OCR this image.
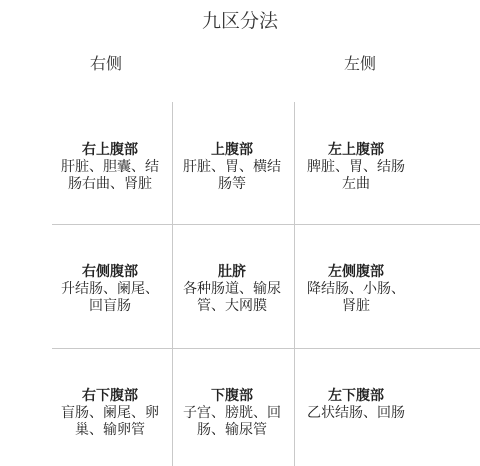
九区分法
右侧	左侧
右上腹部
肝脏、胆囊、结
肠右曲、肾脏
上腹部
肝脏、胃、横结
肠等
左上腹部
脾脏、胃、结肠
左曲
右侧腹部
升结肠、阑尾、
回盲肠
肚脐
各种肠道、输尿
管、大网膜
左侧腹部
降结肠、小肠、
肾脏
右下腹部
盲肠、阑尾、卵
巢、输卵管
下腹部
子宫、膀胱、回
肠、输尿管
左下腹部
乙状结肠、回肠
